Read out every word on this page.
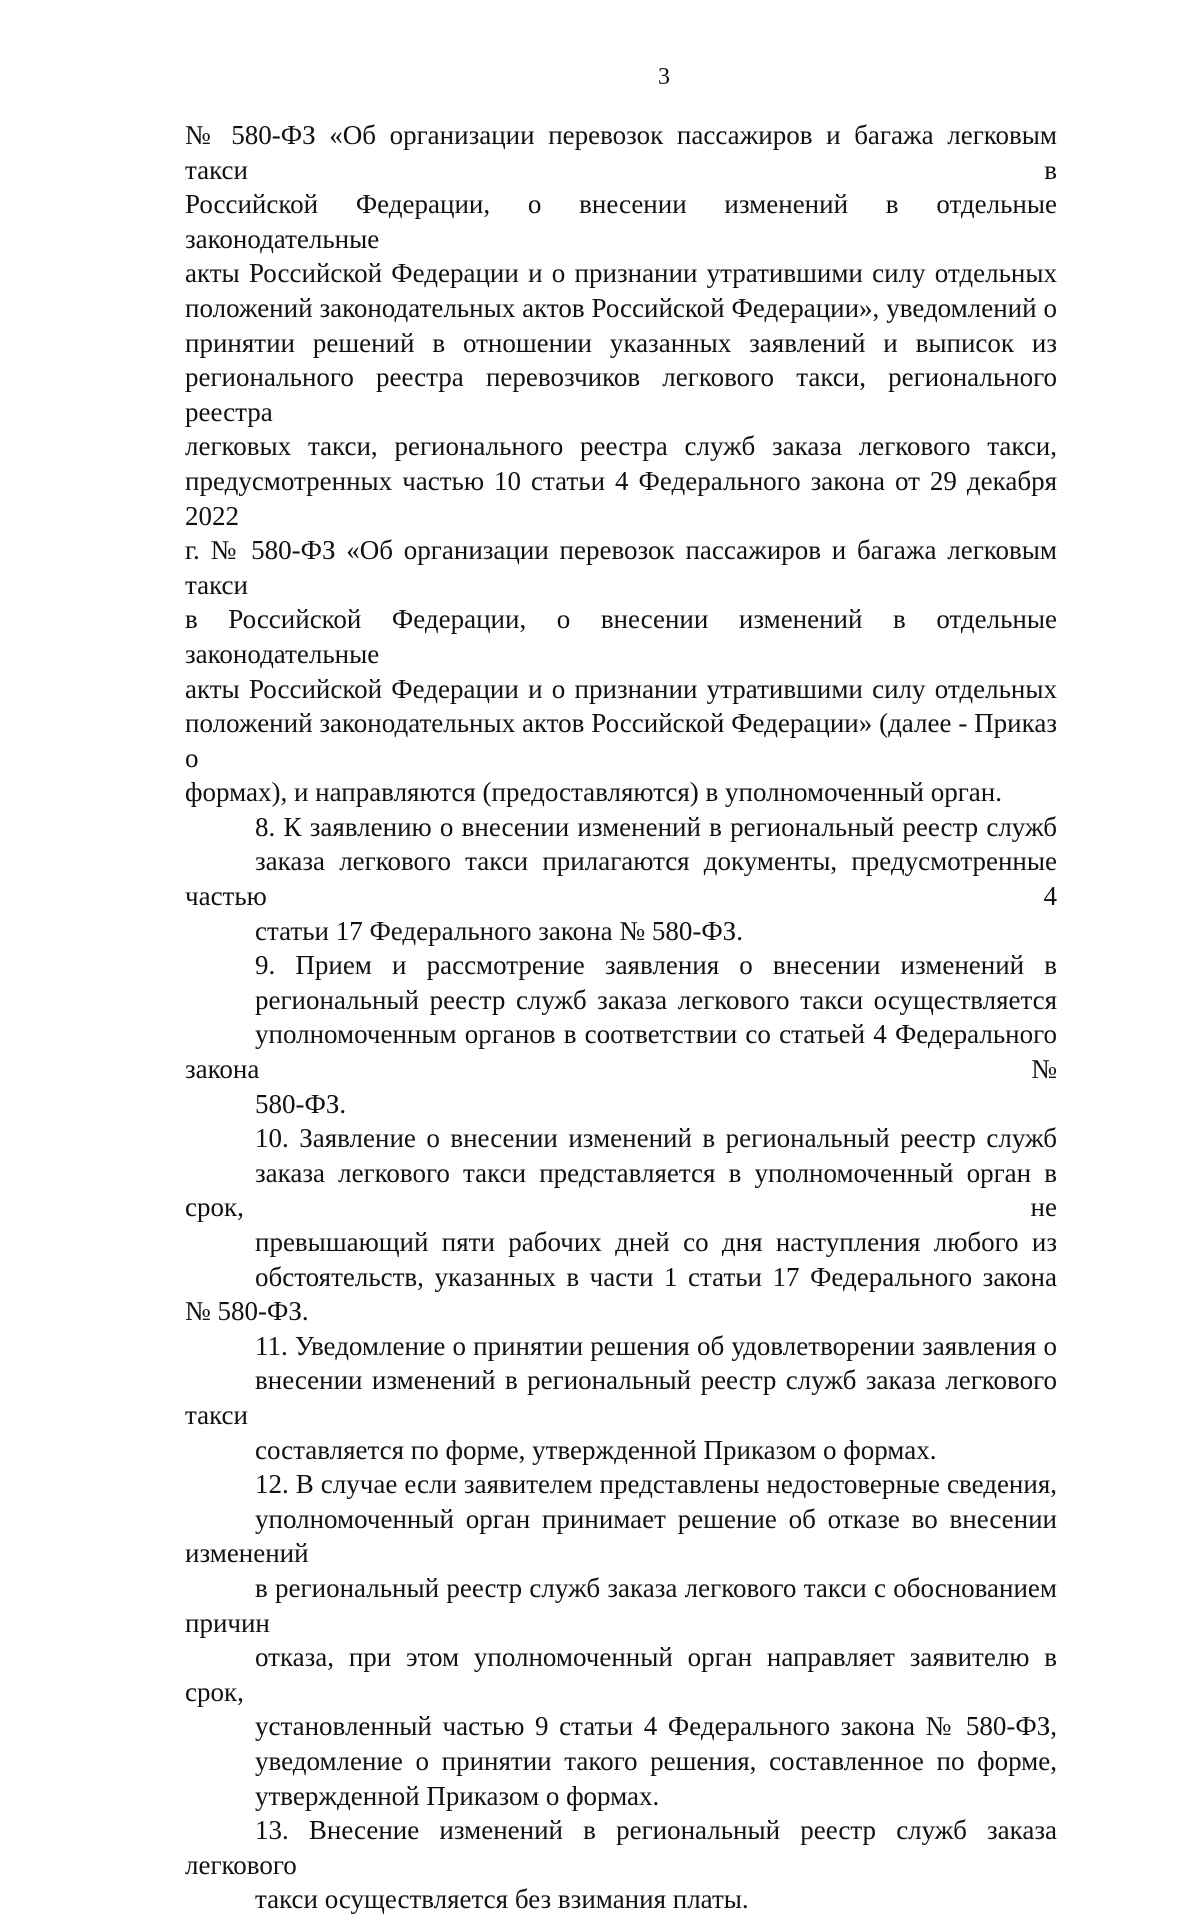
3

№ 580-ФЗ «Об организации перевозок пассажиров и багажа легковым такси в
Российской Федерации, о внесении изменений в отдельные законодательные
акты Российской Федерации и о признании утратившими силу отдельных
положений законодательных актов Российской Федерации», уведомлений о
принятии решений в отношении указанных заявлений и выписок из
регионального реестра перевозчиков легкового такси, регионального реестра
легковых такси, регионального реестра служб заказа легкового такси,
предусмотренных частью 10 статьи 4 Федерального закона от 29 декабря 2022
г. № 580-ФЗ «Об организации перевозок пассажиров и багажа легковым такси
в Российской Федерации, о внесении изменений в отдельные законодательные
акты Российской Федерации и о признании утратившими силу отдельных
положений законодательных актов Российской Федерации» (далее - Приказ о
формах), и направляются (предоставляются) в уполномоченный орган.

8. К заявлению о внесении изменений в региональный реестр служб
заказа легкового такси прилагаются документы, предусмотренные частью 4
статьи 17 Федерального закона № 580-ФЗ.

9. Прием и рассмотрение заявления о внесении изменений в
региональный реестр служб заказа легкового такси осуществляется
уполномоченным органов в соответствии со статьей 4 Федерального закона №
580-ФЗ.

10. Заявление о внесении изменений в региональный реестр служб
заказа легкового такси представляется в уполномоченный орган в срок, не
превышающий пяти рабочих дней со дня наступления любого из
обстоятельств, указанных в части 1 статьи 17 Федерального закона № 580-ФЗ.

11. Уведомление о принятии решения об удовлетворении заявления о
внесении изменений в региональный реестр служб заказа легкового такси
составляется по форме, утвержденной Приказом о формах.

12. В случае если заявителем представлены недостоверные сведения,
уполномоченный орган принимает решение об отказе во внесении изменений
в региональный реестр служб заказа легкового такси с обоснованием причин
отказа, при этом уполномоченный орган направляет заявителю в срок,
установленный частью 9 статьи 4 Федерального закона № 580-ФЗ,
уведомление о принятии такого решения, составленное по форме,
утвержденной Приказом о формах.

13. Внесение изменений в региональный реестр служб заказа легкового
такси осуществляется без взимания платы.
